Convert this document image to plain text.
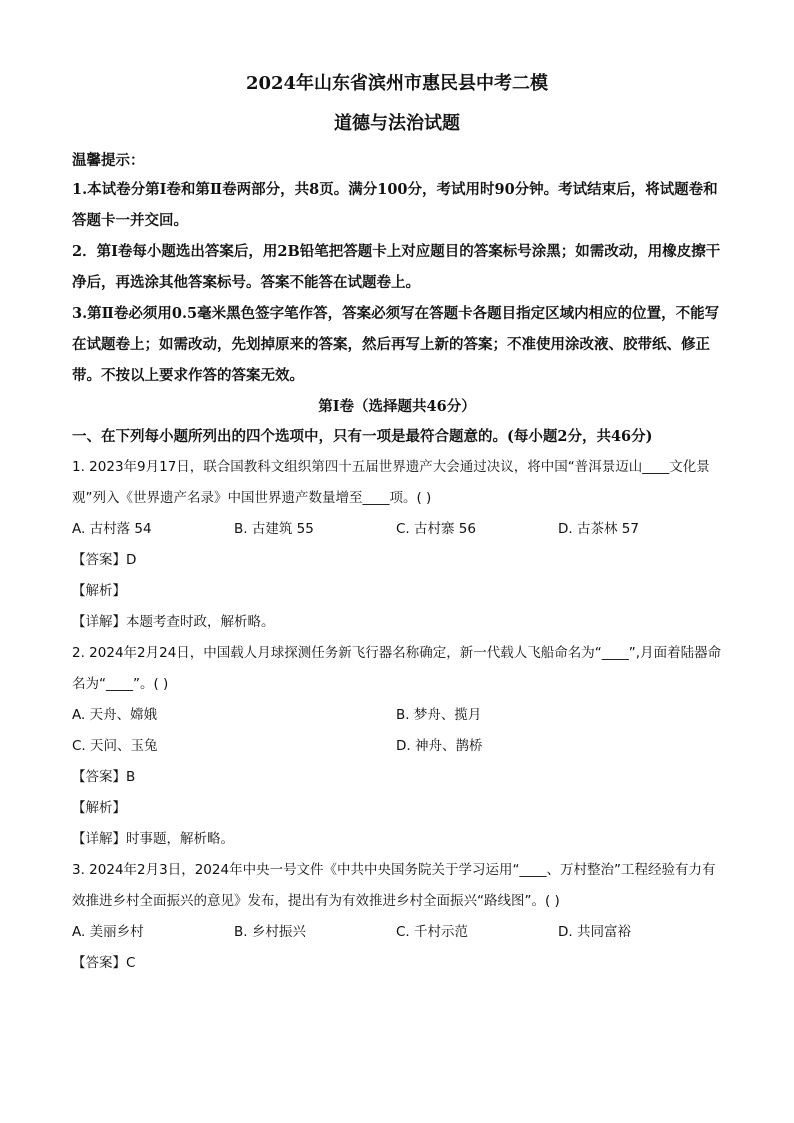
2024年山东省滨州市惠民县中考二模
道德与法治试题
温馨提示：

1.本试卷分第Ⅰ卷和第Ⅱ卷两部分，共8页。满分100分，考试用时90分钟。考试结束后，将试题卷和答题卡一并交回。

2．第Ⅰ卷每小题选出答案后，用2B铅笔把答题卡上对应题目的答案标号涂黑；如需改动，用橡皮擦干净后，再选涂其他答案标号。答案不能答在试题卷上。

3.第Ⅱ卷必须用0.5毫米黑色签字笔作答，答案必须写在答题卡各题目指定区域内相应的位置，不能写在试题卷上；如需改动，先划掉原来的答案，然后再写上新的答案；不准使用涂改液、胶带纸、修正带。不按以上要求作答的答案无效。

第Ⅰ卷（选择题共46分）

一、在下列每小题所列出的四个选项中，只有一项是最符合题意的。(每小题2分，共46分)

1. 2023年9月17日，联合国教科文组织第四十五届世界遗产大会通过决议，将中国“普洱景迈山____文化景观”列入《世界遗产名录》中国世界遗产数量增至____项。( )

A. 古村落 54	B. 古建筑 55	C. 古村寨 56	D. 古茶林 57

【答案】D

【解析】

【详解】本题考查时政，解析略。

2. 2024年2月24日，中国载人月球探测任务新飞行器名称确定，新一代载人飞船命名为“____”,月面着陆器命名为“____”。( )

A. 天舟、嫦娥	B. 梦舟、揽月
C. 天问、玉兔	D. 神舟、鹊桥

【答案】B

【解析】

【详解】时事题，解析略。

3. 2024年2月3日，2024年中央一号文件《中共中央国务院关于学习运用“____、万村整治”工程经验有力有效推进乡村全面振兴的意见》发布，提出有为有效推进乡村全面振兴“路线图”。( )

A. 美丽乡村	B. 乡村振兴	C. 千村示范	D. 共同富裕

【答案】C
